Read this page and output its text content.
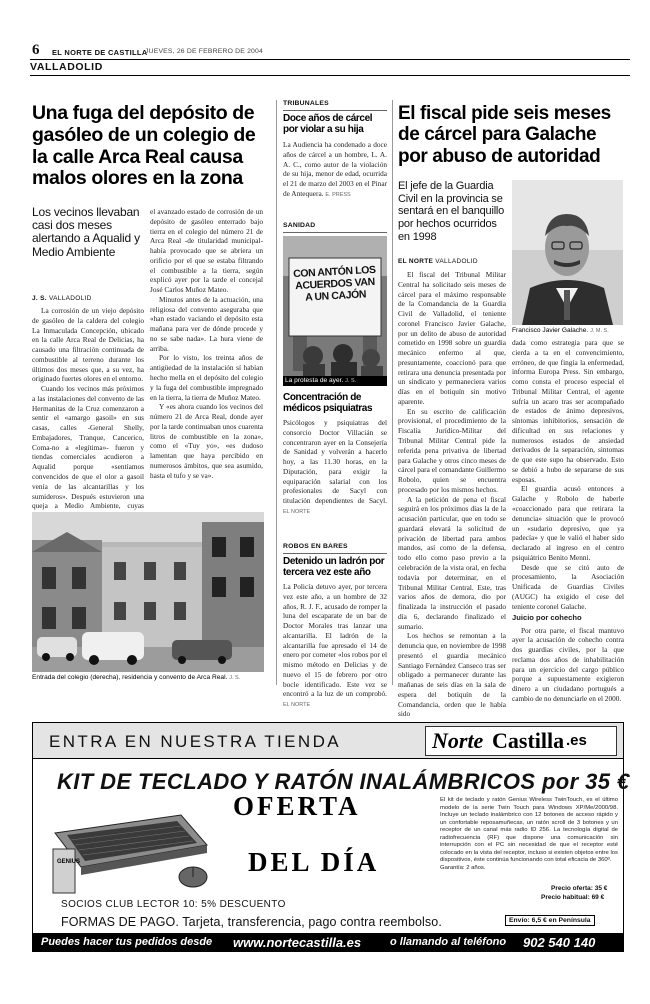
6 EL NORTE DE CASTILLA
JUEVES, 26 DE FEBRERO DE 2004
VALLADOLID
Una fuga del depósito de gasóleo de un colegio de la calle Arca Real causa malos olores en la zona
Los vecinos llevaban casi dos meses alertando a Aqualid y Medio Ambiente
J. S. VALLADOLID

La corrosión de un viejo depósito de gasóleo de la caldera del colegio La Inmaculada Concepción, ubicado en la calle Arca Real de Delicias, ha causado una filtración continuada de combustible al terreno durante los últimos dos meses que, a su vez, ha originado fuertes olores en el entorno.

Cuando los vecinos más próximos a las instalaciones del convento de las Hermanitas de la Cruz comenzaron a sentir el «amargo gasoil» en sus casas, calles -General Shelly, Embajadores, Tranque, Cancerico, Coma-no a «legítima»- fueron y tiendas comerciales acudieron a Aqualid porque «sentíamos convencidos de que el olor a gasoil venía de las alcantarillas y los sumideros». Después estuvieron una queja a Medio Ambiente, cuyas

el avanzado estado de corrosión de un depósito de gasóleo enterrado bajo tierra en el colegio del número 21 de Arca Real -de titularidad municipal- había provocado que se abriera un orificio por el que se estaba filtrando el combustible a la tierra, según explicó ayer por la tarde el concejal José Carlos Muñoz Mateo.

Minutos antes de la actuación, una religiosa del convento aseguraba que «han estado vaciando el depósito esta mañana para ver de dónde procede y no se sabe nada». La hura viene de arriba.

Por lo visto, los treinta años de antigüedad de la instalación sí habían hecho mella en el depósito del colegio y la fuga del combustible impregnado en la tierra, la tierra de Muñoz Mateo.

Y «es ahora cuando los vecinos del número 21 de Arca Real, donde ayer por la tarde continuaban unos cuarenta litros de combustible en la zona», como el «Tuy yo», «es dudoso lamentan que haya percibido en numerosos ámbitos, que sea asumido, hasta el tufo y se va».

Entrada del colegio (derecha), residencia y convento de Arca Real. J. S.
TRIBUNALES
Doce años de cárcel por violar a su hija

La Audiencia ha condenado a doce años de cárcel a un hombre, L. A. A. C., como autor de la violación de su hija, menor de edad, ocurrida el 21 de marzo del 2003 en el Pinar de Antequera. E. PRESS

SANIDAD
CON ANTÓN LOS ACUERDOS VAN A UN CAJÓN
La protesta de ayer. J. S.
Concentración de médicos psiquiatras

Psicólogos y psiquiatras del consorcio Doctor Villacián se concentraron ayer en la Consejería de Sanidad y volverán a hacerlo hoy, a las 11.30 horas, en la Diputación, para exigir la equiparación salarial con los profesionales de Sacyl con titulación dependientes de Sacyl. EL NORTE

ROBOS EN BARES
Detenido un ladrón por tercera vez este año

La Policía detuvo ayer, por tercera vez este año, a un hombre de 32 años, R. J. F., acusado de romper la luna del escaparate de un bar de Doctor Morales tras lanzar una alcantarilla. El ladrón de la alcantarilla fue apresado el 14 de enero por cometer «los robos por el mismo método en Delicias y de nuevo el 15 de febrero por otro bocle identificado. Este vez se encontró a la luz de un comprobó. EL NORTE

El fiscal pide seis meses de cárcel para Galache por abuso de autoridad
El jefe de la Guardia Civil en la provincia se sentará en el banquillo por hechos ocurridos en 1998
EL NORTE VALLADOLID

El fiscal del Tribunal Militar Central ha solicitado seis meses de cárcel para el máximo responsable de la Comandancia de la Guardia Civil de Valladolid, el teniente coronel Francisco Javier Galache, por un delito de abuso de autoridad cometido en 1998 sobre un guardia mecánico enfermo al que, presuntamente, coaccionó para que retirara una denuncia presentada por un sindicato y permaneciera varios días en el botiquín sin motivo aparente.

En su escrito de calificación provisional, el procedimiento de la Fiscalía Jurídico-Militar del Tribunal Militar Central pide la referida pena privativa de libertad para Galache y otros cinco meses de cárcel para el comandante Guillermo Robolo, quien se encuentra procesado por los mismos hechos.

A la petición de pena el fiscal seguirá en los próximos días la de la acusación particular, que en todo se guardará elevará la solicitud de privación de libertad para ambos mandos, así como de la defensa, todo ello como paso previo a la celebración de la vista oral, en fecha todavía por determinar, en el Tribunal Militar Central. Este, tras varios años de demora, dio por finalizada la instrucción el pasado día 6, declarando finalizado el sumario.

Los hechos se remontan a la denuncia que, en noviembre de 1998 presentó el guardia mecánico Santiago Fernández Canseco tras ser obligado a permanecer durante las mañanas de seis días en la sala de espera del botiquín de la Comandancia, orden que le había sido

Francisco Javier Galache. J. M. S.

dada como estrategia para que se cierda a ta en el convencimiento, erróneo, de que fingía la enfermedad, informa Europa Press. Sin embargo, como consta el proceso especial el Tribunal Militar Central, el agente sufría un acaro tras ser acompañado de estados de ánimo depresivos, síntomas inhibitorios, sensación de dificultad en sus relaciones y numerosos estados de ansiedad derivados de la separación, sintomas de que este supo ha observado. Esto se debió a hubo de separarse de sus esposas.

El guardia acusó entonces a Galache y Robolo de haberle «coaccionado para que retirara la denuncia» situación que le provocó un «sudario depresivo, que ya padecía» y que le valió el haber sido declarado al ingreso en el centro psiquiátrico Benito Menni.

Desde que se citó auto de procesamiento, la Asociación Unificada de Guardias Civiles (AUGC) ha exigido el cese del teniente coronel Galache.

Juicio por cohecho

Por otra parte, el fiscal mantuvo ayer la acusación de cohecho contra dos guardias civiles, por la que reclama dos años de inhabilitación para un ejercicio del cargo público porque a supuestamente exigieron dinero a un ciudadano portugués a cambio de no denunciarle en el 2000.

ENTRA EN NUESTRA TIENDA	Norte Castilla .es
KIT DE TECLADO Y RATÓN INALÁMBRICOS por 35 €
GENIUS
OFERTA
DEL DÍA
El kit de teclado y ratón Genius Wireless TwinTouch, es el último modelo de la serie Twin Touch para Windows XP/Me/2000/98. Incluye un teclado inalámbrico con 12 botones de acceso rápido y un confortable reposamuñecas, un ratón scroll de 3 botones y un receptor de un canal más radio ID 256. La tecnología digital de radiofrecuencia (RF) que dispone una comunicación sin interrupción con el PC sin necesidad de que el receptor esté colocado en la vista del receptor, incluso si existen objetos entre los dispositivos, éste continúa funcionando con total eficacia de 360º.
Garantía: 2 años.
Precio oferta: 35 €
Precio habitual: 69 €
SOCIOS CLUB LECTOR 10: 5% DESCUENTO
FORMAS DE PAGO. Tarjeta, transferencia, pago contra reembolso.	Envío: 6,5 € en Península
Puedes hacer tus pedidos desde www.nortecastilla.es	o llamando al teléfono 902 540 140
